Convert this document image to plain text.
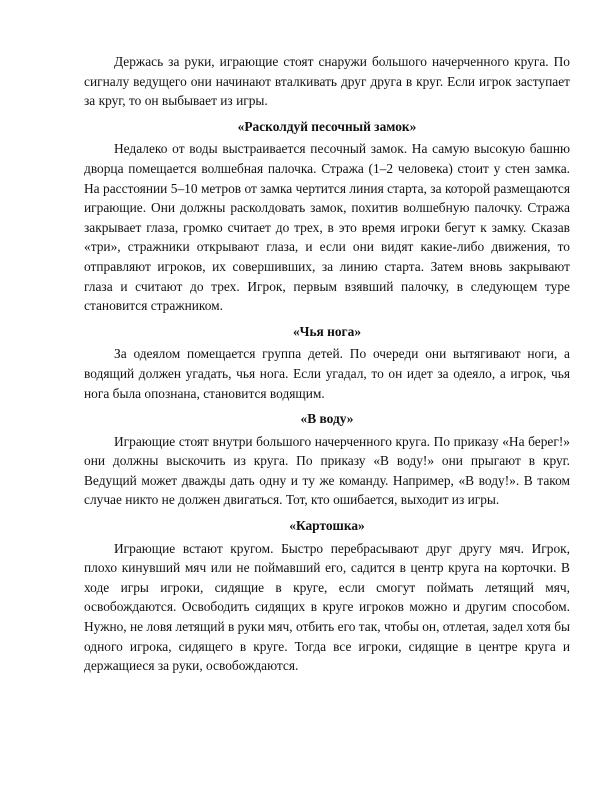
Держась за руки, играющие стоят снаружи большого начерченного круга. По сигналу ведущего они начинают вталкивать друг друга в круг. Если игрок заступает за круг, то он выбывает из игры.

«Расколдуй песочный замок»

Недалеко от воды выстраивается песочный замок. На самую высокую башню дворца помещается волшебная палочка. Стража (1–2 человека) стоит у стен замка. На расстоянии 5–10 метров от замка чертится линия старта, за которой размещаются играющие. Они должны расколдовать замок, похитив волшебную палочку. Стража закрывает глаза, громко считает до трех, в это время игроки бегут к замку. Сказав «три», стражники открывают глаза, и если они видят какие-либо движения, то отправляют игроков, их совершивших, за линию старта. Затем вновь закрывают глаза и считают до трех. Игрок, первым взявший палочку, в следующем туре становится стражником.

«Чья нога»

За одеялом помещается группа детей. По очереди они вытягивают ноги, а водящий должен угадать, чья нога. Если угадал, то он идет за одеяло, а игрок, чья нога была опознана, становится водящим.

«В воду»

Играющие стоят внутри большого начерченного круга. По приказу «На берег!» они должны выскочить из круга. По приказу «В воду!» они прыгают в круг. Ведущий может дважды дать одну и ту же команду. Например, «В воду!». В таком случае никто не должен двигаться. Тот, кто ошибается, выходит из игры.

«Картошка»

Играющие встают кругом. Быстро перебрасывают друг другу мяч. Игрок, плохо кинувший мяч или не поймавший его, садится в центр круга на корточки. В ходе игры игроки, сидящие в круге, если смогут поймать летящий мяч, освобождаются. Освободить сидящих в круге игроков можно и другим способом. Нужно, не ловя летящий в руки мяч, отбить его так, чтобы он, отлетая, задел хотя бы одного игрока, сидящего в круге. Тогда все игроки, сидящие в центре круга и держащиеся за руки, освобождаются.
